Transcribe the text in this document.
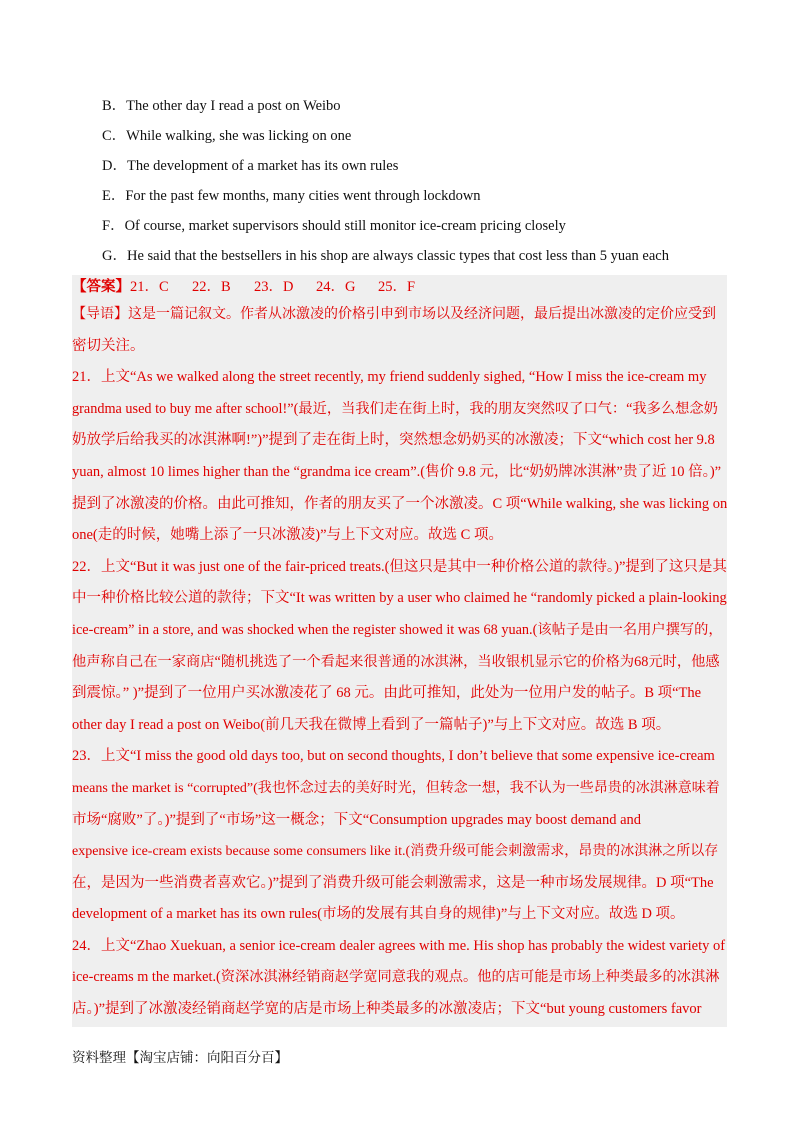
B．The other day I read a post on Weibo
C．While walking, she was licking on one
D．The development of a market has its own rules
E．For the past few months, many cities went through lockdown
F．Of course, market supervisors should still monitor ice-cream pricing closely
G．He said that the bestsellers in his shop are always classic types that cost less than 5 yuan each
【答案】21．C 22．B 23．D 24．G 25．F
【导语】这是一篇记叙文。作者从冰激凌的价格引申到市场以及经济问题，最后提出冰激凌的定价应受到
密切关注。
21．上文“As we walked along the street recently, my friend suddenly sighed, “How I miss the ice-cream my
grandma used to buy me after school!”(最近，当我们走在街上时，我的朋友突然叹了口气：“我多么想念奶
奶放学后给我买的冰淇淋啊!”)”提到了走在街上时，突然想念奶奶买的冰激凌；下文“which cost her 9.8
yuan, almost 10 limes higher than the “grandma ice cream”.(售价 9.8 元，比“奶奶牌冰淇淋”贵了近 10 倍。)”
提到了冰激凌的价格。由此可推知，作者的朋友买了一个冰激凌。C 项“While walking, she was licking on
one(走的时候，她嘴上添了一只冰激凌)”与上下文对应。故选 C 项。
22．上文“But it was just one of the fair-priced treats.(但这只是其中一种价格公道的款待。)”提到了这只是其
中一种价格比较公道的款待；下文“It was written by a user who claimed he “randomly picked a plain-looking
ice-cream” in a store, and was shocked when the register showed it was 68 yuan.(该帖子是由一名用户撰写的，
他声称自己在一家商店“随机挑选了一个看起来很普通的冰淇淋，当收银机显示它的价格为68元时，他感
到震惊。” )”提到了一位用户买冰激凌花了 68 元。由此可推知，此处为一位用户发的帖子。B 项“The
other day I read a post on Weibo(前几天我在微博上看到了一篇帖子)”与上下文对应。故选 B 项。
23．上文“I miss the good old days too, but on second thoughts, I don’t believe that some expensive ice-cream
means the market is “corrupted”(我也怀念过去的美好时光，但转念一想，我不认为一些昂贵的冰淇淋意味着
市场“腐败”了。)”提到了“市场”这一概念；下文“Consumption upgrades may boost demand and
expensive ice-cream exists because some consumers like it.(消费升级可能会刺激需求，昂贵的冰淇淋之所以存
在，是因为一些消费者喜欢它。)”提到了消费升级可能会刺激需求，这是一种市场发展规律。D 项“The
development of a market has its own rules(市场的发展有其自身的规律)”与上下文对应。故选 D 项。
24．上文“Zhao Xuekuan, a senior ice-cream dealer agrees with me. His shop has probably the widest variety of
ice-creams m the market.(资深冰淇淋经销商赵学宽同意我的观点。他的店可能是市场上种类最多的冰淇淋
店。)”提到了冰激凌经销商赵学宽的店是市场上种类最多的冰激凌店；下文“but young customers favor
资料整理【淘宝店铺：向阳百分百】
